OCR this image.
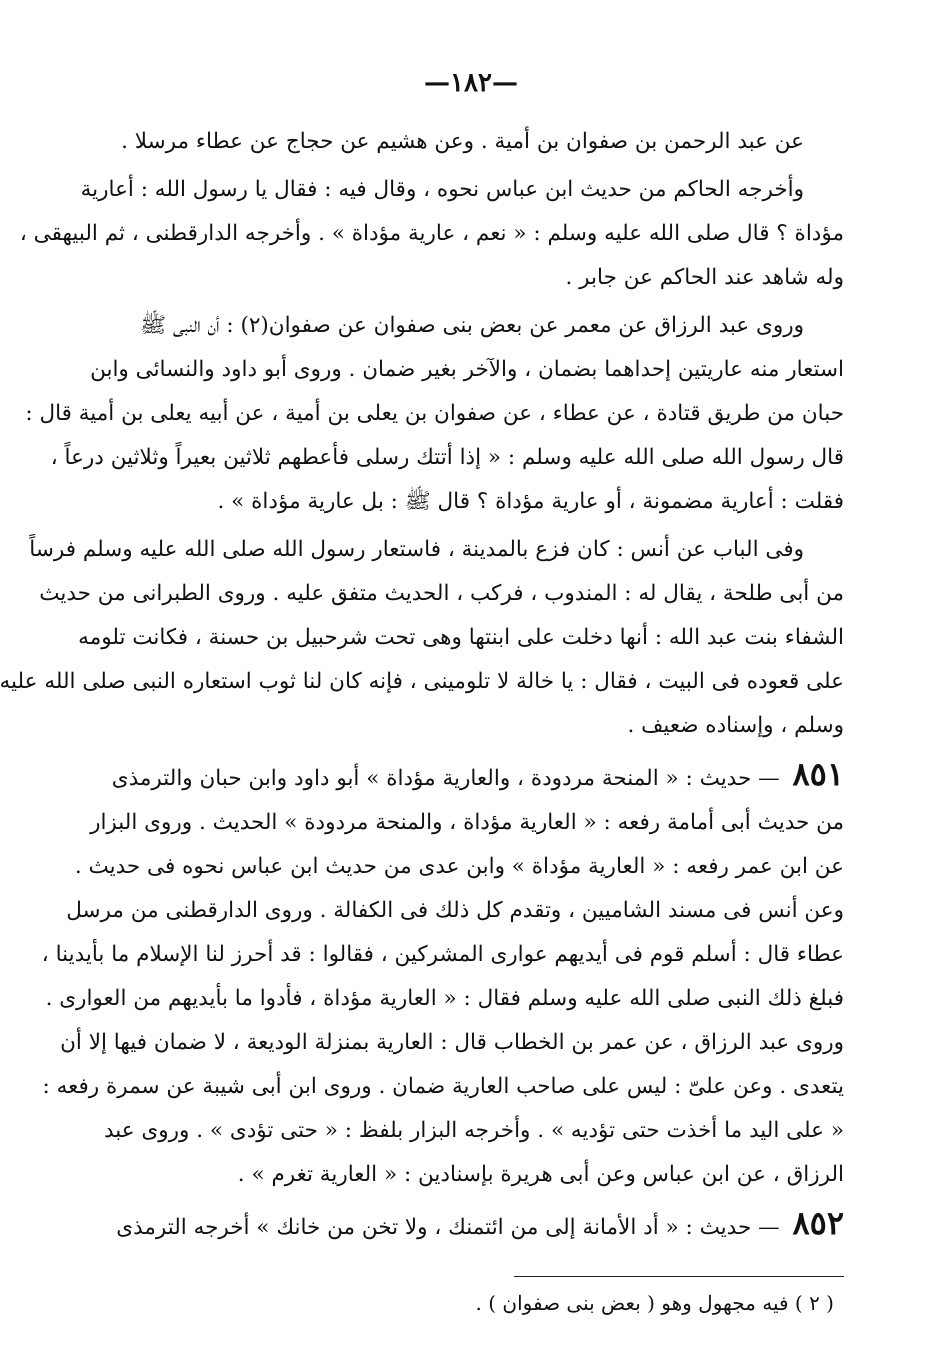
—١٨٢—
عن عبد الرحمن بن صفوان بن أمية . وعن هشيم عن حجاج عن عطاء مرسلا .
وأخرجه الحاكم من حديث ابن عباس نحوه ، وقال فيه : فقال يا رسول الله : أعارية
مؤداة ؟ قال صلى الله عليه وسلم : « نعم ، عارية مؤداة » . وأخرجه الدارقطنى ، ثم البيهقى ،
وله شاهد عند الحاكم عن جابر .
وروى عبد الرزاق عن معمر عن بعض بنى صفوان عن صفوان(٢) : أن النبى ﷺ
استعار منه عاريتين إحداهما بضمان ، والآخر بغير ضمان . وروى أبو داود والنسائى وابن
حبان من طريق قتادة ، عن عطاء ، عن صفوان بن يعلى بن أمية ، عن أبيه يعلى بن أمية قال :
قال رسول الله صلى الله عليه وسلم : « إذا أتتك رسلى فأعطهم ثلاثين بعيراً وثلاثين درعاً ،
فقلت : أعارية مضمونة ، أو عارية مؤداة ؟ قال ﷺ : بل عارية مؤداة » .
وفى الباب عن أنس : كان فزع بالمدينة ، فاستعار رسول الله صلى الله عليه وسلم فرساً
من أبى طلحة ، يقال له : المندوب ، فركب ، الحديث متفق عليه . وروى الطبرانى من حديث
الشفاء بنت عبد الله : أنها دخلت على ابنتها وهى تحت شرحبيل بن حسنة ، فكانت تلومه
على قعوده فى البيت ، فقال : يا خالة لا تلومينى ، فإنه كان لنا ثوب استعاره النبى صلى الله عليه
وسلم ، وإسناده ضعيف .
٨٥١ — حديث : « المنحة مردودة ، والعارية مؤداة » أبو داود وابن حبان والترمذى
من حديث أبى أمامة رفعه : « العارية مؤداة ، والمنحة مردودة » الحديث . وروى البزار
عن ابن عمر رفعه : « العارية مؤداة » وابن عدى من حديث ابن عباس نحوه فى حديث .
وعن أنس فى مسند الشاميين ، وتقدم كل ذلك فى الكفالة . وروى الدارقطنى من مرسل
عطاء قال : أسلم قوم فى أيديهم عوارى المشركين ، فقالوا : قد أحرز لنا الإسلام ما بأيدينا ،
فبلغ ذلك النبى صلى الله عليه وسلم فقال : « العارية مؤداة ، فأدوا ما بأيديهم من العوارى .
وروى عبد الرزاق ، عن عمر بن الخطاب قال : العارية بمنزلة الوديعة ، لا ضمان فيها إلا أن
يتعدى . وعن علىّ : ليس على صاحب العارية ضمان . وروى ابن أبى شيبة عن سمرة رفعه :
« على اليد ما أخذت حتى تؤديه » . وأخرجه البزار بلفظ : « حتى تؤدى » . وروى عبد
الرزاق ، عن ابن عباس وعن أبى هريرة بإسنادين : « العارية تغرم » .
٨٥٢ — حديث : « أد الأمانة إلى من ائتمنك ، ولا تخن من خانك » أخرجه الترمذى
( ٢ ) فيه مجهول وهو ( بعض بنى صفوان ) .
